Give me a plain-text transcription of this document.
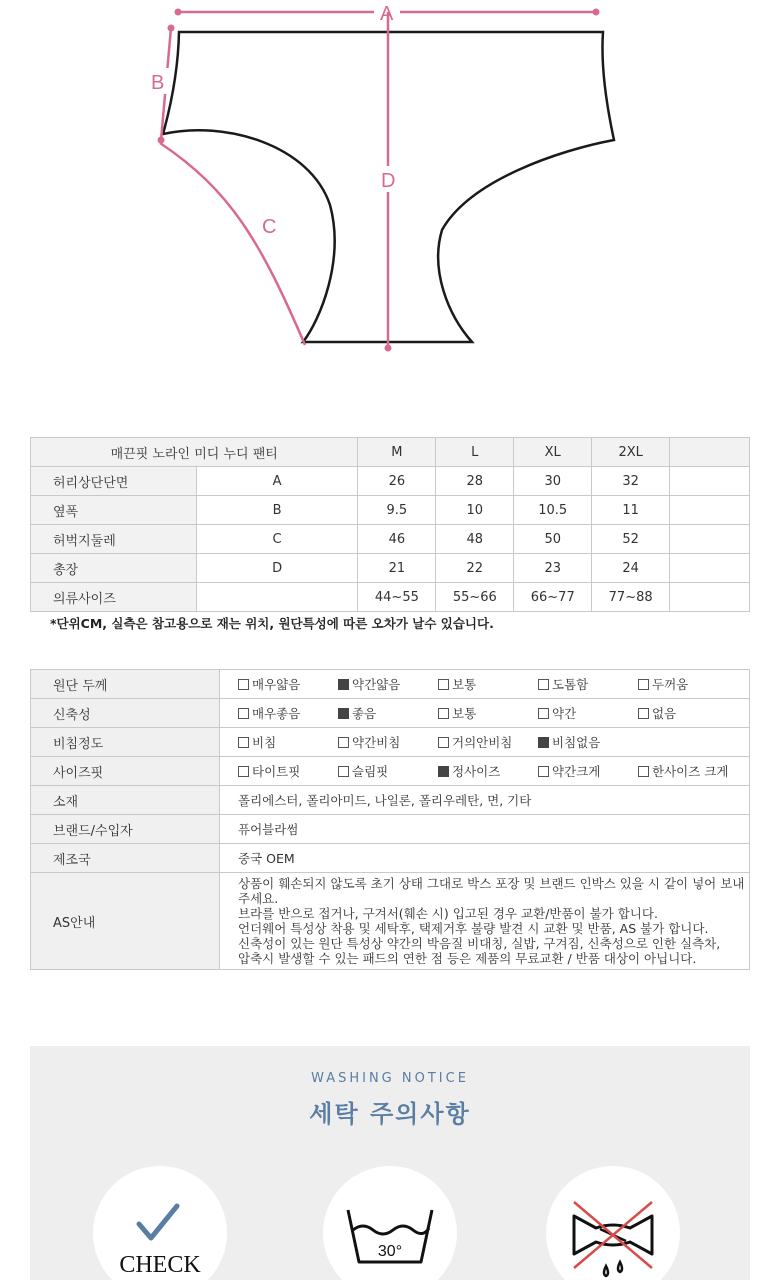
A
B
C
D
매끈핏 노라인 미디 누디 팬티		M	L	XL	2XL	
허리상단단면	A	26	28	30	32	
옆폭	B	9.5	10	10.5	11	
허벅지둘레	C	46	48	50	52	
총장	D	21	22	23	24	
의류사이즈		44~55	55~66	66~77	77~88	
*단위CM, 실측은 참고용으로 재는 위치, 원단특성에 따른 오차가 날수 있습니다.
원단 두께	매우얇음 약간얇음 보통 도톰함 두꺼움

신축성	매우좋음 좋음 보통 약간 없음

비침정도	비침 약간비침 거의안비침 비침없음

사이즈핏	타이트핏 슬림핏 정사이즈 약간크게 한사이즈 크게

소재	폴리에스터, 폴리아미드, 나일론, 폴리우레탄, 면, 기타
브랜드/수입자	퓨어블라썸
제조국	중국 OEM
AS안내	상품이 훼손되지 않도록 초기 상태 그대로 박스 포장 및 브랜드 인박스 있을 시 같이 넣어 보내주세요.
브라를 반으로 접거나, 구겨서(훼손 시) 입고된 경우 교환/반품이 불가 합니다.
언더웨어 특성상 착용 및 세탁후, 택제거후 불량 발견 시 교환 및 반품, AS 불가 합니다.
신축성이 있는 원단 특성상 약간의 박음질 비대칭, 실밥, 구겨짐, 신축성으로 인한 실측차,
압축시 발생할 수 있는 패드의 연한 점 등은 제품의 무료교환 / 반품 대상이 아닙니다.
WASHING NOTICE
세탁 주의사항
CHECK
30°
